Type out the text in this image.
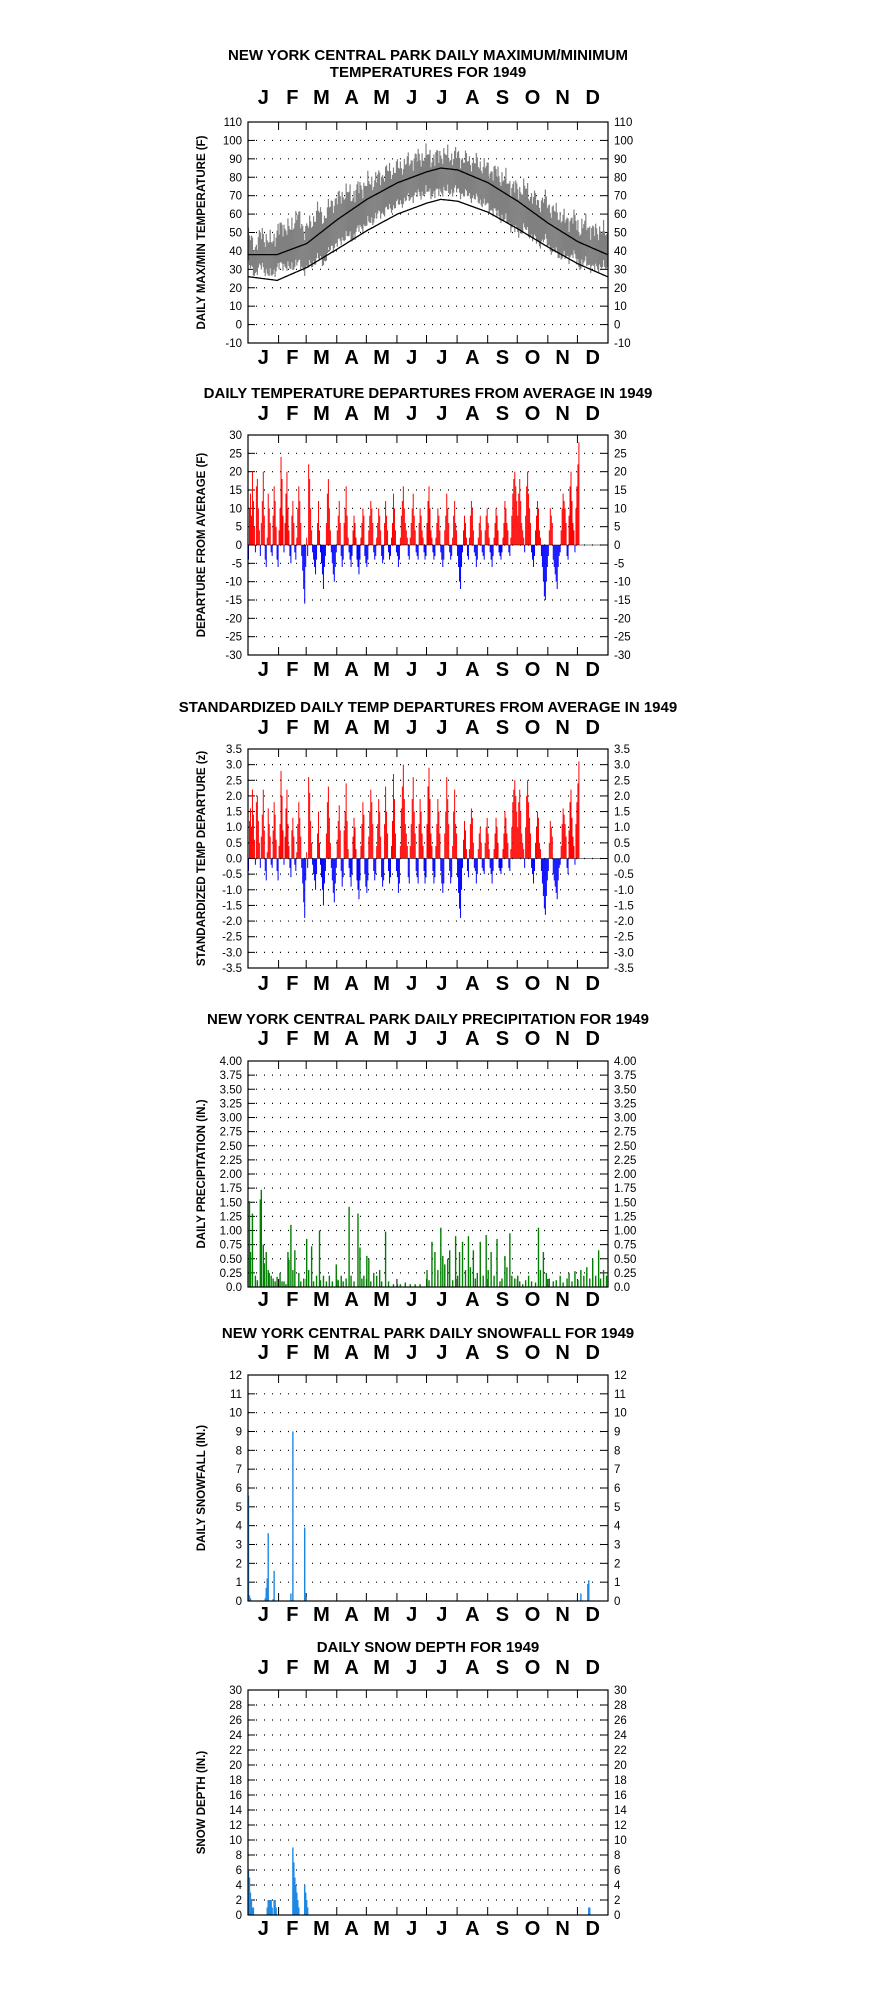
NEW YORK CENTRAL PARK DAILY MAXIMUM/MINIMUM
TEMPERATURES FOR 1949
J
J
F
F
M
M
A
A
M
M
J
J
J
J
A
A
S
S
O
O
N
N
D
D
110	110
100	100
90	90
80	80
70	70
60	60
50	50
40	40
30	30
20	20
10	10
0	0
-10	-10
DAILY MAX/MIN TEMPERATURE (F)
DAILY TEMPERATURE DEPARTURES FROM AVERAGE IN 1949
J
J
F
F
M
M
A
A
M
M
J
J
J
J
A
A
S
S
O
O
N
N
D
D
30	30
25	25
20	20
15	15
10	10
5	5
0	0
-5	-5
-10	-10
-15	-15
-20	-20
-25	-25
-30	-30
DEPARTURE FROM AVERAGE (F)
STANDARDIZED DAILY TEMP DEPARTURES FROM AVERAGE IN 1949
J
J
F
F
M
M
A
A
M
M
J
J
J
J
A
A
S
S
O
O
N
N
D
D
3.5	3.5
3.0	3.0
2.5	2.5
2.0	2.0
1.5	1.5
1.0	1.0
0.5	0.5
0.0	0.0
-0.5	-0.5
-1.0	-1.0
-1.5	-1.5
-2.0	-2.0
-2.5	-2.5
-3.0	-3.0
-3.5	-3.5
STANDARDIZED TEMP DEPARTURE (z)
NEW YORK CENTRAL PARK DAILY PRECIPITATION FOR 1949
J
J
F
F
M
M
A
A
M
M
J
J
J
J
A
A
S
S
O
O
N
N
D
D
4.00	4.00
3.75	3.75
3.50	3.50
3.25	3.25
3.00	3.00
2.75	2.75
2.50	2.50
2.25	2.25
2.00	2.00
1.75	1.75
1.50	1.50
1.25	1.25
1.00	1.00
0.75	0.75
0.50	0.50
0.25	0.25
0.0	0.0
DAILY PRECIPITATION (IN.)
NEW YORK CENTRAL PARK DAILY SNOWFALL FOR 1949
J
J
F
F
M
M
A
A
M
M
J
J
J
J
A
A
S
S
O
O
N
N
D
D
12	12
11	11
10	10
9	9
8	8
7	7
6	6
5	5
4	4
3	3
2	2
1	1
0	0
DAILY SNOWFALL (IN.)
DAILY SNOW DEPTH FOR 1949
J
J
F
F
M
M
A
A
M
M
J
J
J
J
A
A
S
S
O
O
N
N
D
D
30	30
28	28
26	26
24	24
22	22
20	20
18	18
16	16
14	14
12	12
10	10
8	8
6	6
4	4
2	2
0	0
SNOW DEPTH (IN.)
